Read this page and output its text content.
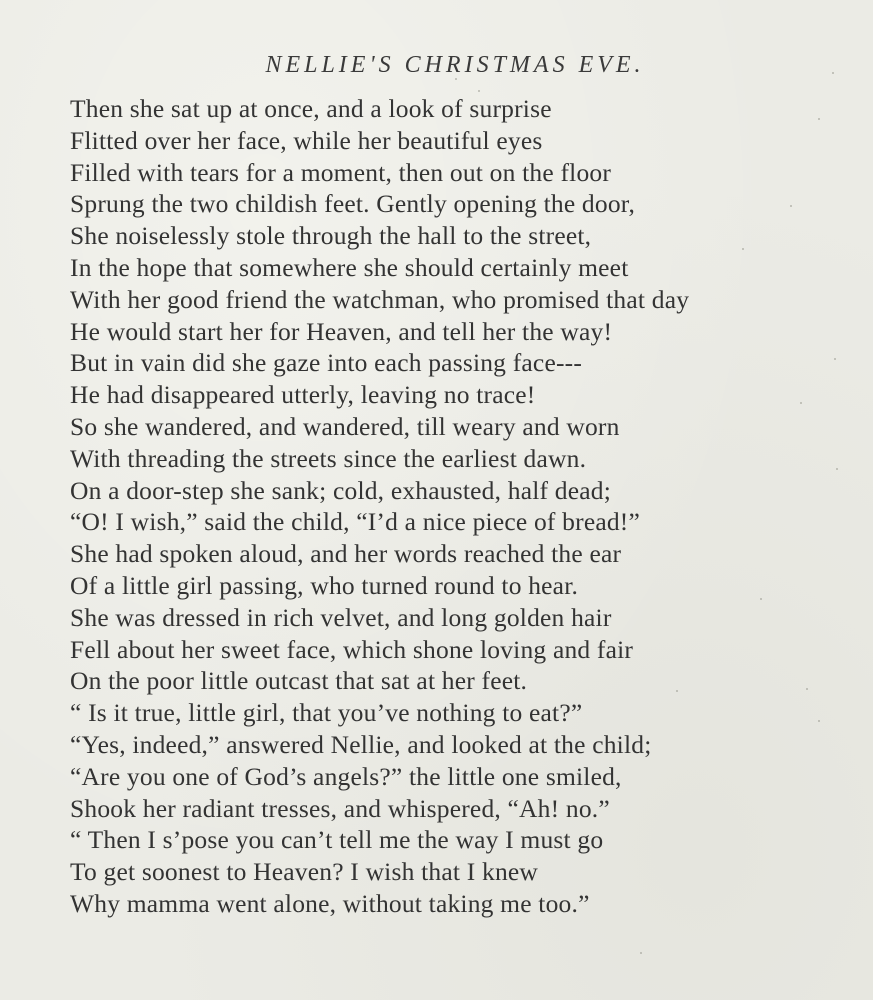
NELLIE'S CHRISTMAS EVE.
Then she sat up at once, and a look of surprise
Flitted over her face, while her beautiful eyes
Filled with tears for a moment, then out on the floor
Sprung the two childish feet. Gently opening the door,
She noiselessly stole through the hall to the street,
In the hope that somewhere she should certainly meet
With her good friend the watchman, who promised that day
He would start her for Heaven, and tell her the way!
But in vain did she gaze into each passing face---
He had disappeared utterly, leaving no trace!
So she wandered, and wandered, till weary and worn
With threading the streets since the earliest dawn.
On a door-step she sank; cold, exhausted, half dead;
“O! I wish,” said the child, “I’d a nice piece of bread!”
She had spoken aloud, and her words reached the ear
Of a little girl passing, who turned round to hear.
She was dressed in rich velvet, and long golden hair
Fell about her sweet face, which shone loving and fair
On the poor little outcast that sat at her feet.
“ Is it true, little girl, that you’ve nothing to eat?”
“Yes, indeed,” answered Nellie, and looked at the child;
“Are you one of God’s angels?” the little one smiled,
Shook her radiant tresses, and whispered, “Ah! no.”
“ Then I s’pose you can’t tell me the way I must go
To get soonest to Heaven? I wish that I knew
Why mamma went alone, without taking me too.”
